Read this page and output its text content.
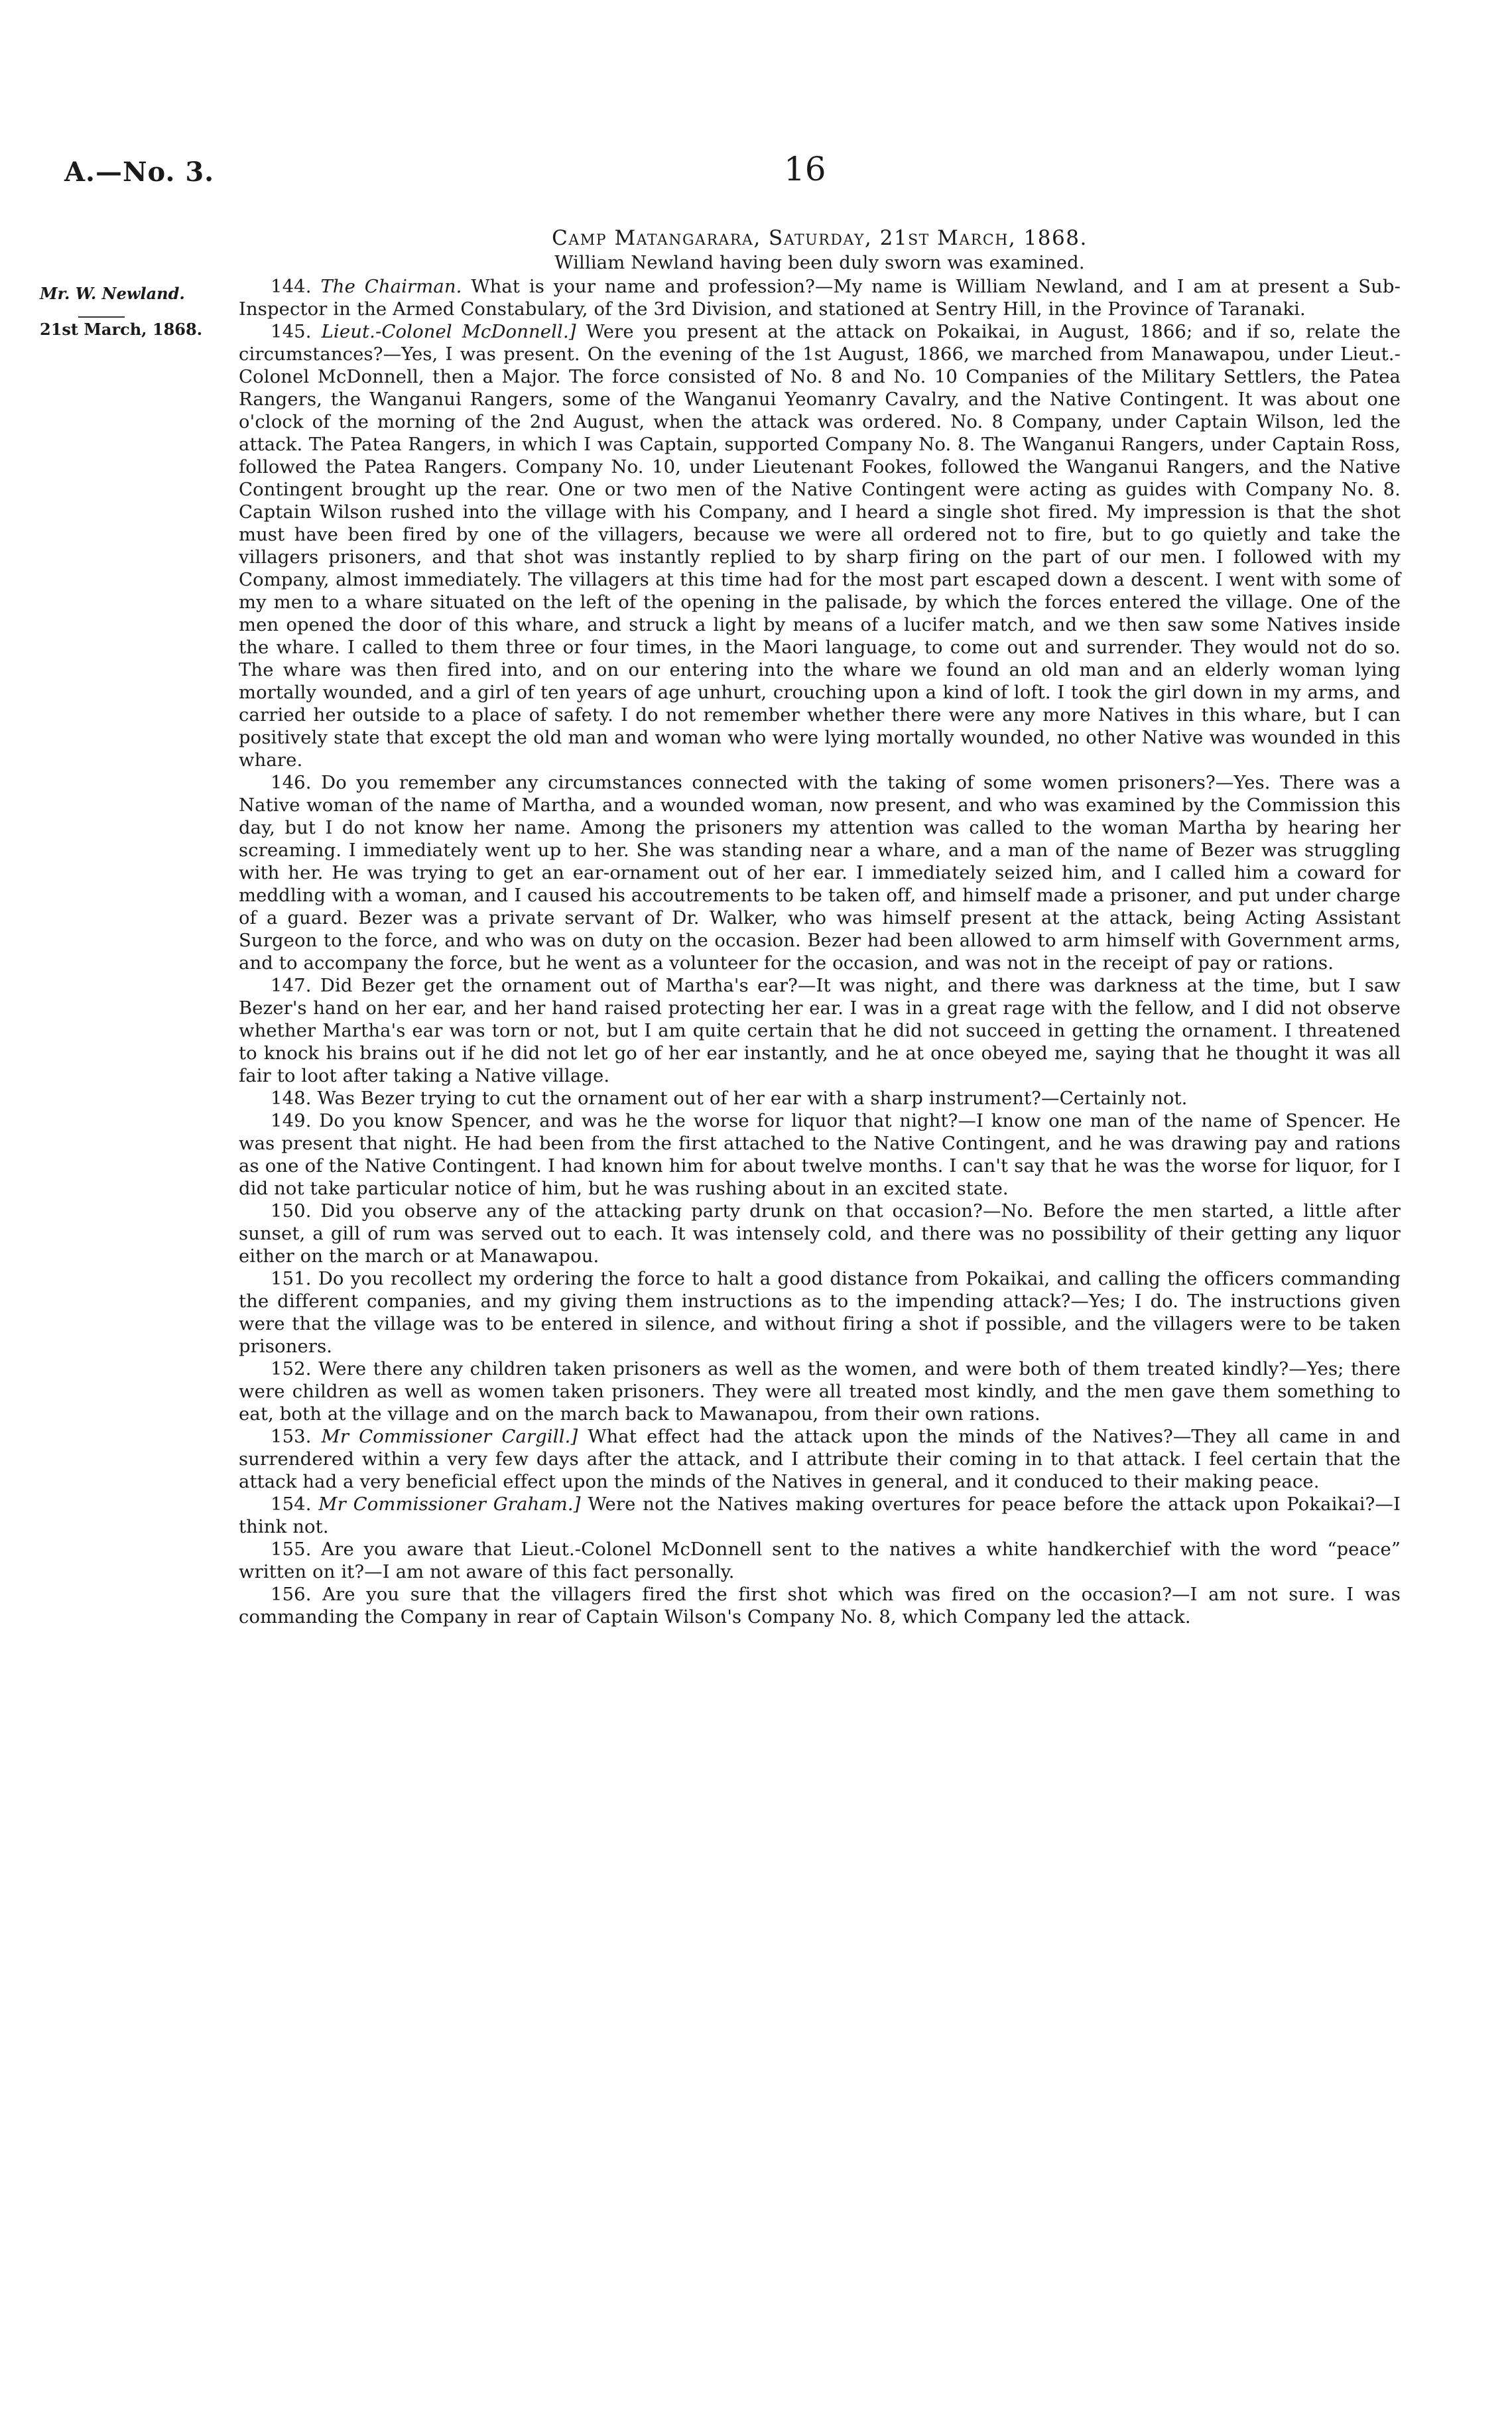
A.—No. 3.	16
Mr. W. Newland.
21st March, 1868.

Camp Matangarara, Saturday, 21st March, 1868.

William Newland having been duly sworn was examined.

144. The Chairman. What is your name and profession?—My name is William Newland, and I am at present a Sub-Inspector in the Armed Constabulary, of the 3rd Division, and stationed at Sentry Hill, in the Province of Taranaki.

145. Lieut.-Colonel McDonnell.] Were you present at the attack on Pokaikai, in August, 1866; and if so, relate the circumstances?—Yes, I was present. On the evening of the 1st August, 1866, we marched from Manawapou, under Lieut.-Colonel McDonnell, then a Major. The force consisted of No. 8 and No. 10 Companies of the Military Settlers, the Patea Rangers, the Wanganui Rangers, some of the Wanganui Yeomanry Cavalry, and the Native Contingent. It was about one o'clock of the morning of the 2nd August, when the attack was ordered. No. 8 Company, under Captain Wilson, led the attack. The Patea Rangers, in which I was Captain, supported Company No. 8. The Wanganui Rangers, under Captain Ross, followed the Patea Rangers. Company No. 10, under Lieutenant Fookes, followed the Wanganui Rangers, and the Native Contingent brought up the rear. One or two men of the Native Contingent were acting as guides with Company No. 8. Captain Wilson rushed into the village with his Company, and I heard a single shot fired. My impression is that the shot must have been fired by one of the villagers, because we were all ordered not to fire, but to go quietly and take the villagers prisoners, and that shot was instantly replied to by sharp firing on the part of our men. I followed with my Company, almost immediately. The villagers at this time had for the most part escaped down a descent. I went with some of my men to a whare situated on the left of the opening in the palisade, by which the forces entered the village. One of the men opened the door of this whare, and struck a light by means of a lucifer match, and we then saw some Natives inside the whare. I called to them three or four times, in the Maori language, to come out and surrender. They would not do so. The whare was then fired into, and on our entering into the whare we found an old man and an elderly woman lying mortally wounded, and a girl of ten years of age unhurt, crouching upon a kind of loft. I took the girl down in my arms, and carried her outside to a place of safety. I do not remember whether there were any more Natives in this whare, but I can positively state that except the old man and woman who were lying mortally wounded, no other Native was wounded in this whare.

146. Do you remember any circumstances connected with the taking of some women prisoners?—Yes. There was a Native woman of the name of Martha, and a wounded woman, now present, and who was examined by the Commission this day, but I do not know her name. Among the prisoners my attention was called to the woman Martha by hearing her screaming. I immediately went up to her. She was standing near a whare, and a man of the name of Bezer was struggling with her. He was trying to get an ear-ornament out of her ear. I immediately seized him, and I called him a coward for meddling with a woman, and I caused his accoutrements to be taken off, and himself made a prisoner, and put under charge of a guard. Bezer was a private servant of Dr. Walker, who was himself present at the attack, being Acting Assistant Surgeon to the force, and who was on duty on the occasion. Bezer had been allowed to arm himself with Government arms, and to accompany the force, but he went as a volunteer for the occasion, and was not in the receipt of pay or rations.

147. Did Bezer get the ornament out of Martha's ear?—It was night, and there was darkness at the time, but I saw Bezer's hand on her ear, and her hand raised protecting her ear. I was in a great rage with the fellow, and I did not observe whether Martha's ear was torn or not, but I am quite certain that he did not succeed in getting the ornament. I threatened to knock his brains out if he did not let go of her ear instantly, and he at once obeyed me, saying that he thought it was all fair to loot after taking a Native village.

148. Was Bezer trying to cut the ornament out of her ear with a sharp instrument?—Certainly not.

149. Do you know Spencer, and was he the worse for liquor that night?—I know one man of the name of Spencer. He was present that night. He had been from the first attached to the Native Contingent, and he was drawing pay and rations as one of the Native Contingent. I had known him for about twelve months. I can't say that he was the worse for liquor, for I did not take particular notice of him, but he was rushing about in an excited state.

150. Did you observe any of the attacking party drunk on that occasion?—No. Before the men started, a little after sunset, a gill of rum was served out to each. It was intensely cold, and there was no possibility of their getting any liquor either on the march or at Manawapou.

151. Do you recollect my ordering the force to halt a good distance from Pokaikai, and calling the officers commanding the different companies, and my giving them instructions as to the impending attack?—Yes; I do. The instructions given were that the village was to be entered in silence, and without firing a shot if possible, and the villagers were to be taken prisoners.

152. Were there any children taken prisoners as well as the women, and were both of them treated kindly?—Yes; there were children as well as women taken prisoners. They were all treated most kindly, and the men gave them something to eat, both at the village and on the march back to Mawanapou, from their own rations.

153. Mr Commissioner Cargill.] What effect had the attack upon the minds of the Natives?—They all came in and surrendered within a very few days after the attack, and I attribute their coming in to that attack. I feel certain that the attack had a very beneficial effect upon the minds of the Natives in general, and it conduced to their making peace.

154. Mr Commissioner Graham.] Were not the Natives making overtures for peace before the attack upon Pokaikai?—I think not.

155. Are you aware that Lieut.-Colonel McDonnell sent to the natives a white handkerchief with the word “peace” written on it?—I am not aware of this fact personally.

156. Are you sure that the villagers fired the first shot which was fired on the occasion?—I am not sure. I was commanding the Company in rear of Captain Wilson's Company No. 8, which Company led the attack.
